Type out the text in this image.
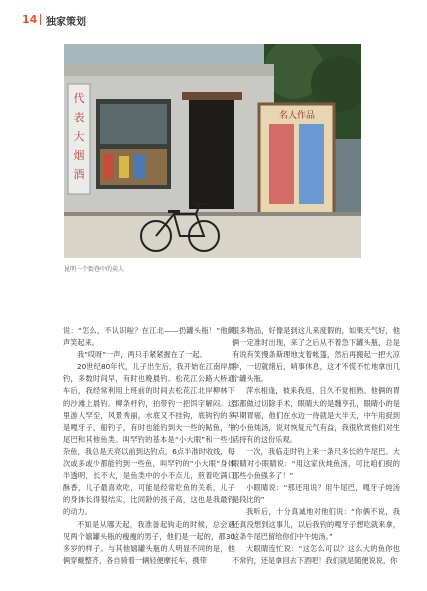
14 独家策划
代
表
大
烟
酒
名人作品
昆明一个街巷中的卖人

说：“怎么，不认识啦？在江北——扔罐头瓶！”他颇声笑起来。

我“哎呀”一声，两只手紧紧握在了一起。

20世纪80年代，儿子出生后，我开始在江南岸晨钓，多数时间早，有时也晚晨钓。松花江公路大桥通车后，我经常利用上班前的时间去松花江北岸柳林下的沙滩上晨钓。柳条杆钓，拍带钓一把饵字解闷。这里游人罕至，风景秀丽，水底又不挂钩，底钩钓的多是嘎牙子，船钓子，有时也能钓到大一些的鲇鱼，牛尾巴和其他鱼类。叫罕钓的基本是“小大眼”和一些小杂鱼，我总是天亮以前到达钓点，6点半准时收线，每次或多或少都能钓到一些鱼，叫罕钓的“小大眼”身体半透明，长不大，是鱼类中的小不点儿，煎着吃满口酥香，儿子最喜欢吃，可能是经常吃鱼的关系，儿子的身体长得很结实，比同龄的孩子高，这也是我最钓的动力。

不知是从哪天起，我准备起钩走的时候，总会遇见两个嬉罐头瓶的瘦瘦的男子，他们是一起的，都30多岁的样子。与其他嬉罐头瓶的人明显不同的是，他俩穿戴整齐，各自骑着一辆轻便摩托车，携带

很多物品，好像是到这儿来度假的，如果天气好，他俩一定准时出现，来了之后从不着急下罐头瓶，总是有说有笑慢条斯理地支着帐篷，然后再搬起一把大凉伞，一切就绪后，哨事休息，这才不慌不忙地拿出几个罐头瓶。

萍水相逢，彼来我返，日久不觉相熟。他俩的胃部都做过切除手术，眼睛大的是魏亨孔，眼睛小的是早期胃癌，他们在水边一待就是大半天，中午用捉到的小鱼炖汤，说对恢复元气有益，我很欣赏他们对生活持有的这份乐观。

一次，我临走时钓上来一条尺多长的牛尾巴。大眼睛对小眼睛说：“用这家伙炖鱼汤，可比咱们捉的那些小鱼强多了！”

小眼睛说：“那还用说？用牛尾巴，嘎牙子炖汤是段比的”

我听后，十分真诚地对他们说：“你俩不说，我还真没想到这事儿，以后我钓的嘎牙子想吃就来拿，这条牛尾巴留给你们中午炖汤。”

大眼睛连忙说：“这怎么可以？这么大的鱼你也不常钓，还是拿回去下酒吧！我们就是随便说说，你
